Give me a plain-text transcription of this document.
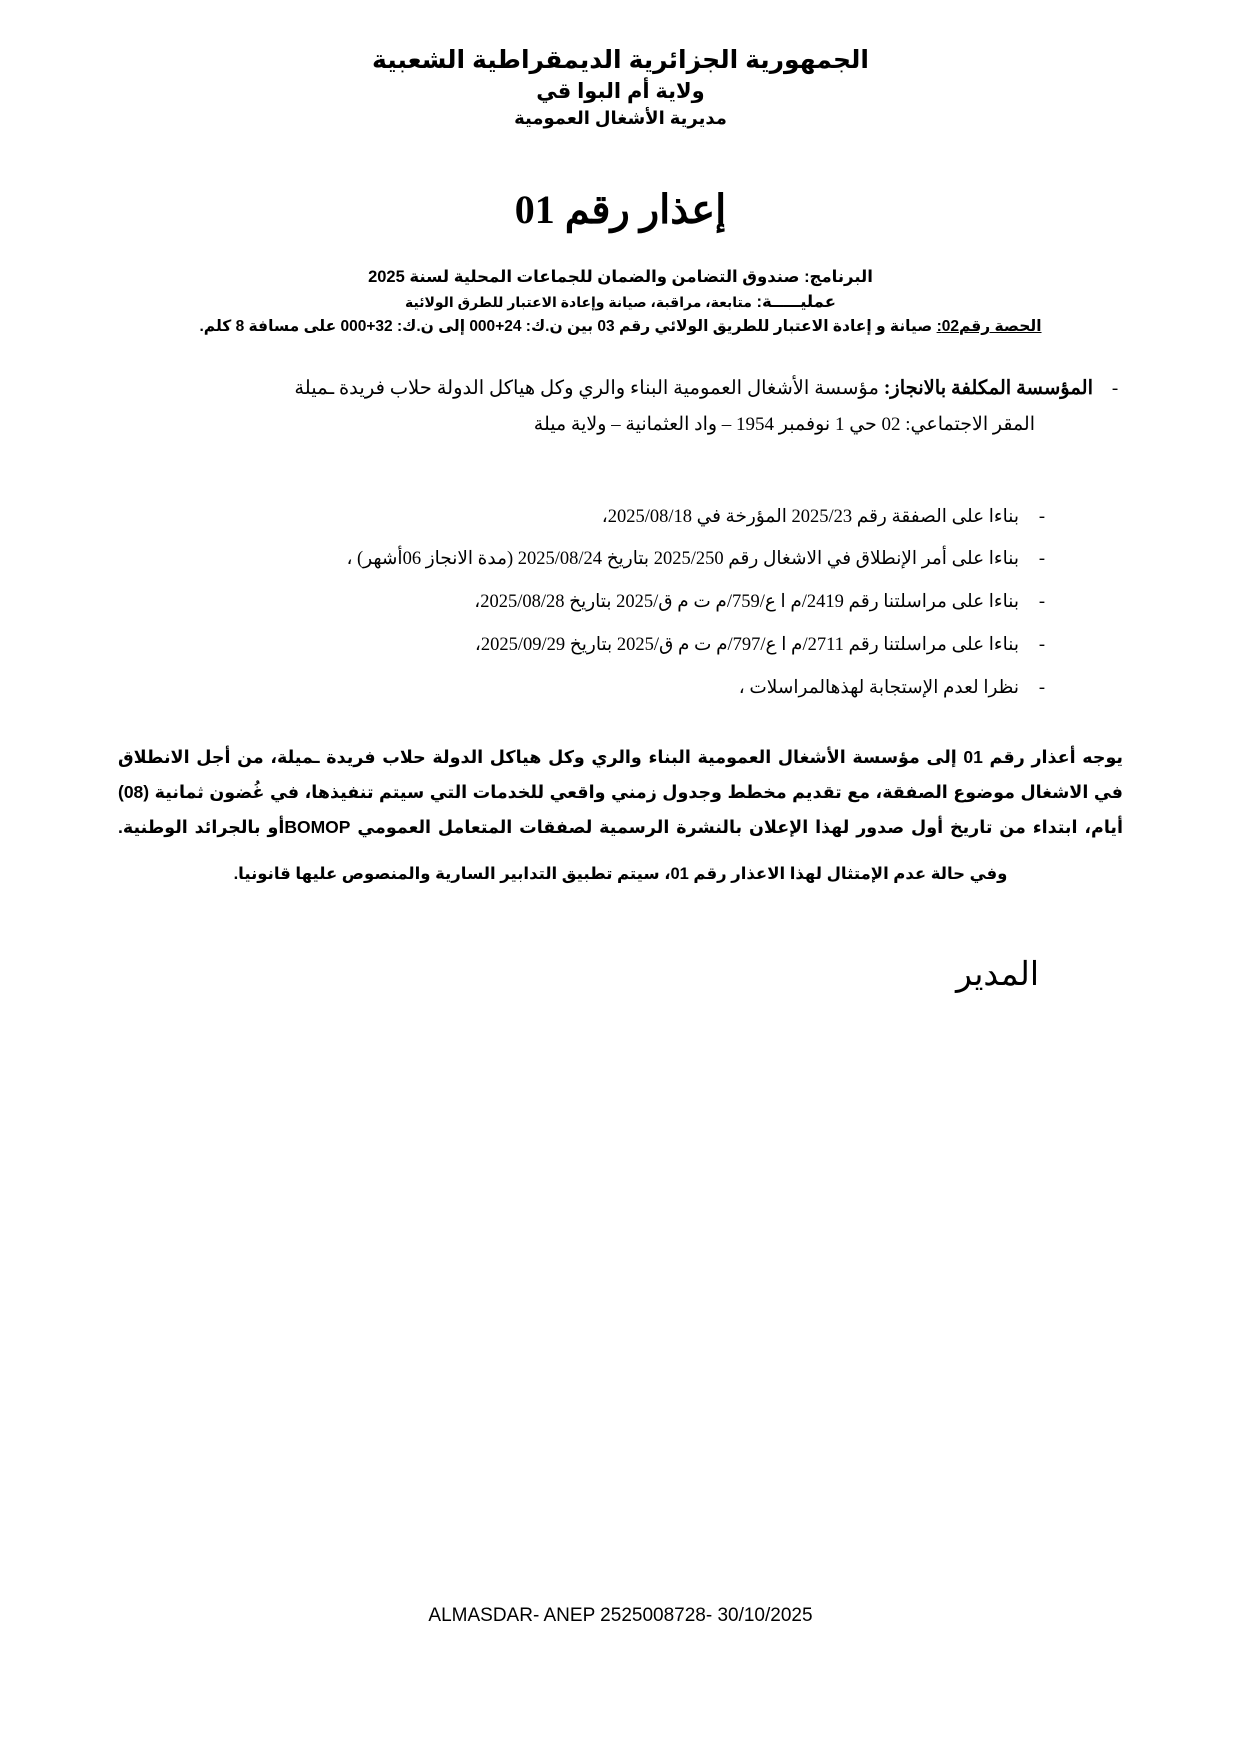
الجمهورية الجزائرية الديمقراطية الشعبية
ولاية أم البوا قي
مديرية الأشغال العمومية
إعذار رقم 01
البرنامج: صندوق التضامن والضمان للجماعات المحلية لسنة 2025
عمليـــــة: متابعة، مراقبة، صيانة وإعادة الاعتبار للطرق الولائية
الحصة رقم02: صيانة و إعادة الاعتبار للطريق الولائي رقم 03 بين ن.ك: 24+000 إلى ن.ك: 32+000 على مسافة 8 كلم.
-
المؤسسة المكلفة بالانجاز: مؤسسة الأشغال العمومية البناء والري وكل هياكل الدولة حلاب فريدة ـميلة
المقر الاجتماعي: 02 حي 1 نوفمبر 1954 – واد العثمانية – ولاية ميلة
-
بناءا على الصفقة رقم 2025/23 المؤرخة في 2025/08/18،
-
بناءا على أمر الإنطلاق في الاشغال رقم 2025/250 بتاريخ 2025/08/24 (مدة الانجاز 06أشهر) ،
-
بناءا على مراسلتنا رقم 2419/م ا ع/759/م ت م ق/2025 بتاريخ 2025/08/28،
-
بناءا على مراسلتنا رقم 2711/م ا ع/797/م ت م ق/2025 بتاريخ 2025/09/29،
-
نظرا لعدم الإستجابة لهذهالمراسلات ،
يوجه أعذار رقم 01 إلى مؤسسة الأشغال العمومية البناء والري وكل هياكل الدولة حلاب فريدة ـميلة، من أجل الانطلاق في الاشغال موضوع الصفقة، مع تقديم مخطط وجدول زمني واقعي للخدمات التي سيتم تنفيذها، في غُضون ثمانية (08) أيام، ابتداء من تاريخ أول صدور لهذا الإعلان بالنشرة الرسمية لصفقات المتعامل العمومي BOMOPأو بالجرائد الوطنية.
وفي حالة عدم الإمتثال لهذا الاعذار رقم 01، سيتم تطبيق التدابير السارية والمنصوص عليها قانونيا.
المدير
ALMASDAR- ANEP 2525008728- 30/10/2025
